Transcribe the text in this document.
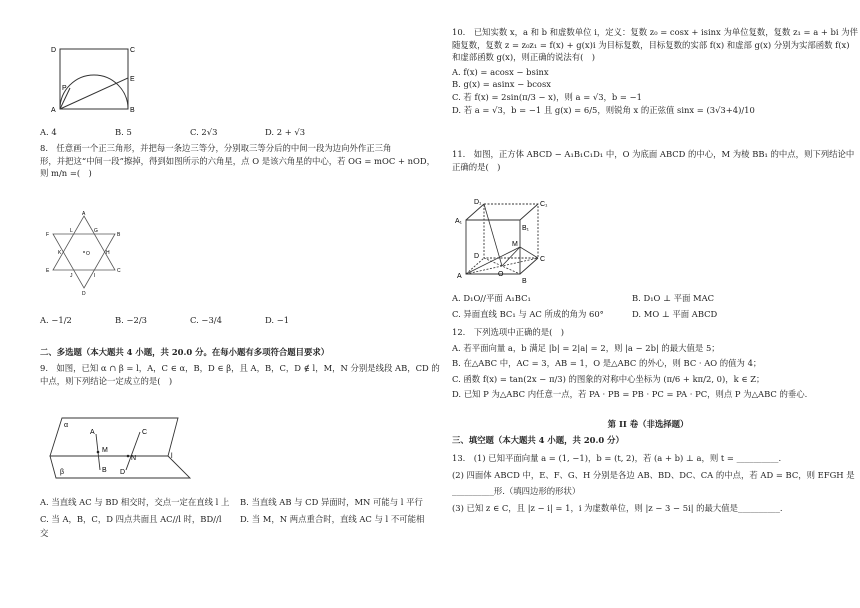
D	C
E
P
A	B
A. 4	B. 5	C. 2√3	D. 2 + √3
8.　任意画一个正三角形，并把每一条边三等分，分别取三等分后的中间一段为边向外作正三角
形，并把这“中间一段”擦掉，得到如图所示的六角星，点 O 是该六角星的中心，若 OG = mOC + nOD，
则 m/n =(　)
A
B
C
D
E
F
G
H
I
J
K
L
O
A. −1/2	B. −2/3	C. −3/4	D. −1
二、多选题（本大题共 4 小题，共 20.0 分。在每小题有多项符合题目要求）
9.　如图，已知 α ∩ β = l，A，C ∈ α，B，D ∈ β，且 A，B，C，D ∉ l，M，N 分别是线段 AB，CD 的
中点，则下列结论一定成立的是(　)
α
A	C
M
B D
N
β
l
A. 当直线 AC 与 BD 相交时，交点一定在直线 l 上	B. 当直线 AB 与 CD 异面时，MN 可能与 l 平行
C. 当 A，B，C，D 四点共面且 AC//l 时，BD//l	D. 当 M，N 两点重合时，直线 AC 与 l 不可能相
交
10.　已知实数 x，a 和 b 和虚数单位 i，定义：复数 z₀ = cosx + isinx 为单位复数，复数 z₁ = a + bi 为伴
随复数，复数 z = z₀z₁ = f(x) + g(x)i 为目标复数，目标复数的实部 f(x) 和虚部 g(x) 分别为实部函数 f(x)
和虚部函数 g(x)，则正确的说法有(　)
A. f(x) = acosx − bsinx
B. g(x) = asinx − bcosx
C. 若 f(x) = 2sin(π/3 − x)，则 a = √3，b = −1
D. 若 a = √3，b = −1 且 g(x) = 6/5，则锐角 x 的正弦值 sinx = (3√3+4)/10
11.　如图，正方体 ABCD − A₁B₁C₁D₁ 中，O 为底面 ABCD 的中心，M 为棱 BB₁ 的中点，则下列结论中
正确的是(　)
D₁	C₁
A₁
B₁
M
D	C
A	O
B
A. D₁O//平面 A₁BC₁	B. D₁O ⊥ 平面 MAC
C. 异面直线 BC₁ 与 AC 所成的角为 60°	D. MO ⊥ 平面 ABCD
12.　下列选项中正确的是(　)
A. 若平面向量 a，b 满足 |b| = 2|a| = 2，则 |a − 2b| 的最大值是 5；
B. 在△ABC 中，AC = 3，AB = 1，O 是△ABC 的外心，则 BC · AO 的值为 4；
C. 函数 f(x) = tan(2x − π/3) 的图象的对称中心坐标为 (π/6 + kπ/2, 0)，k ∈ Z；
D. 已知 P 为△ABC 内任意一点，若 PA · PB = PB · PC = PA · PC，则点 P 为△ABC 的垂心.
第 II 卷（非选择题）
三、填空题（本大题共 4 小题，共 20.0 分）
13.　(1) 已知平面向量 a = (1, −1)，b = (t, 2)，若 (a + b) ⊥ a，则 t = __________.
(2) 四面体 ABCD 中，E、F、G、H 分别是各边 AB、BD、DC、CA 的中点，若 AD = BC，则 EFGH 是
__________形.（填四边形的形状）
(3) 已知 z ∈ C，且 |z − i| = 1，i 为虚数单位，则 |z − 3 − 5i| 的最大值是__________.
